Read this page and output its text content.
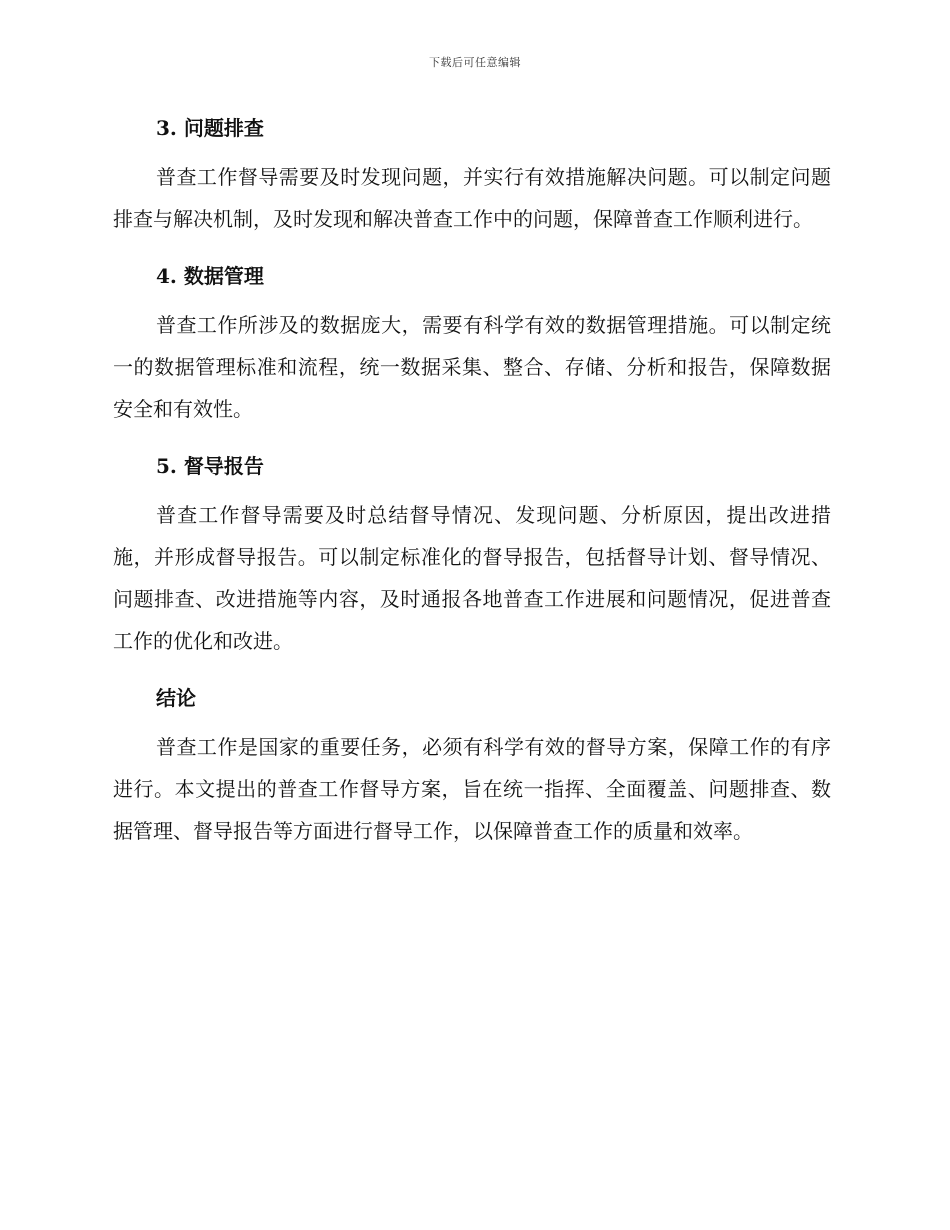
下载后可任意编辑
3. 问题排查

普查工作督导需要及时发现问题，并实行有效措施解决问题。可以制定问题排查与解决机制，及时发现和解决普查工作中的问题，保障普查工作顺利进行。

4. 数据管理

普查工作所涉及的数据庞大，需要有科学有效的数据管理措施。可以制定统一的数据管理标准和流程，统一数据采集、整合、存储、分析和报告，保障数据安全和有效性。

5. 督导报告

普查工作督导需要及时总结督导情况、发现问题、分析原因，提出改进措施，并形成督导报告。可以制定标准化的督导报告，包括督导计划、督导情况、问题排查、改进措施等内容，及时通报各地普查工作进展和问题情况，促进普查工作的优化和改进。

结论

普查工作是国家的重要任务，必须有科学有效的督导方案，保障工作的有序进行。本文提出的普查工作督导方案，旨在统一指挥、全面覆盖、问题排查、数据管理、督导报告等方面进行督导工作，以保障普查工作的质量和效率。
